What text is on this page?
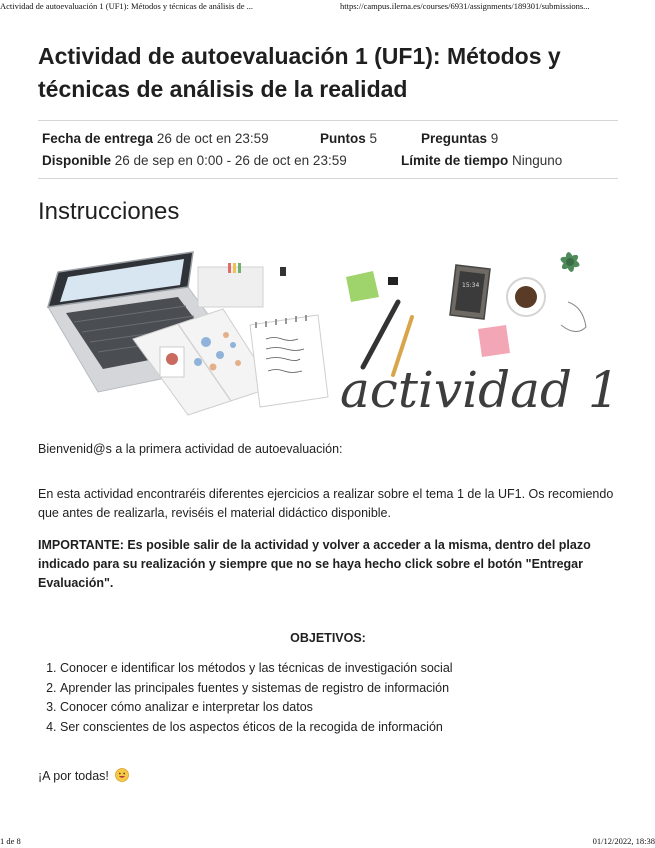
Actividad de autoevaluación 1 (UF1): Métodos y técnicas de análisis de ...	https://campus.ilerna.es/courses/6931/assignments/189301/submissions...
Actividad de autoevaluación 1 (UF1): Métodos y técnicas de análisis de la realidad
Fecha de entrega 26 de oct en 23:59	Puntos 5	Preguntas 9
Disponible 26 de sep en 0:00 - 26 de oct en 23:59	Límite de tiempo Ninguno
Instrucciones
15:34
actividad 1

Bienvenid@s a la primera actividad de autoevaluación:

En esta actividad encontraréis diferentes ejercicios a realizar sobre el tema 1 de la UF1. Os recomiendo que antes de realizarla, reviséis el material didáctico disponible.

IMPORTANTE: Es posible salir de la actividad y volver a acceder a la misma, dentro del plazo indicado para su realización y siempre que no se haya hecho click sobre el botón "Entregar Evaluación".

OBJETIVOS:
1. Conocer e identificar los métodos y las técnicas de investigación social
2. Aprender las principales fuentes y sistemas de registro de información
3. Conocer cómo analizar e interpretar los datos
4. Ser conscientes de los aspectos éticos de la recogida de información
¡A por todas!
1 de 8	01/12/2022, 18:38
